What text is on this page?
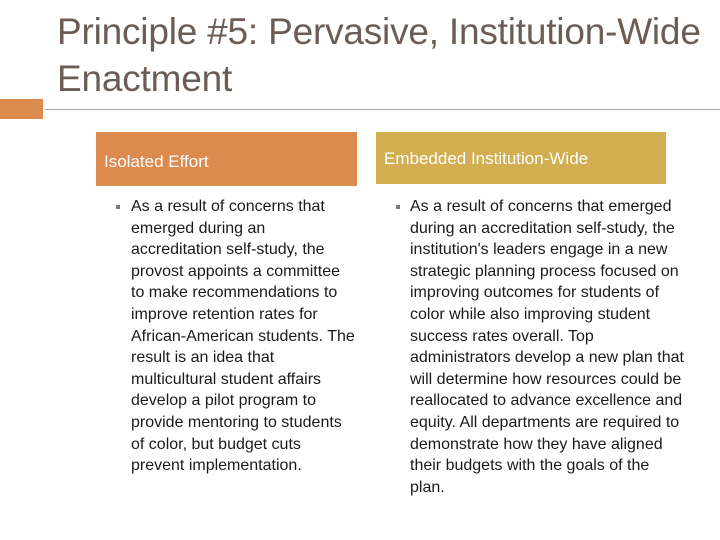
Principle #5: Pervasive, Institution-Wide Enactment
Isolated Effort	Embedded Institution-Wide

As a result of concerns that emerged during an accreditation self-study, the provost appoints a committee to make recommendations to improve retention rates for African-American students. The result is an idea that multicultural student affairs develop a pilot program to provide mentoring to students of color, but budget cuts prevent implementation.

As a result of concerns that emerged during an accreditation self-study, the institution's leaders engage in a new strategic planning process focused on improving outcomes for students of color while also improving student success rates overall. Top administrators develop a new plan that will determine how resources could be reallocated to advance excellence and equity. All departments are required to demonstrate how they have aligned their budgets with the goals of the plan.
